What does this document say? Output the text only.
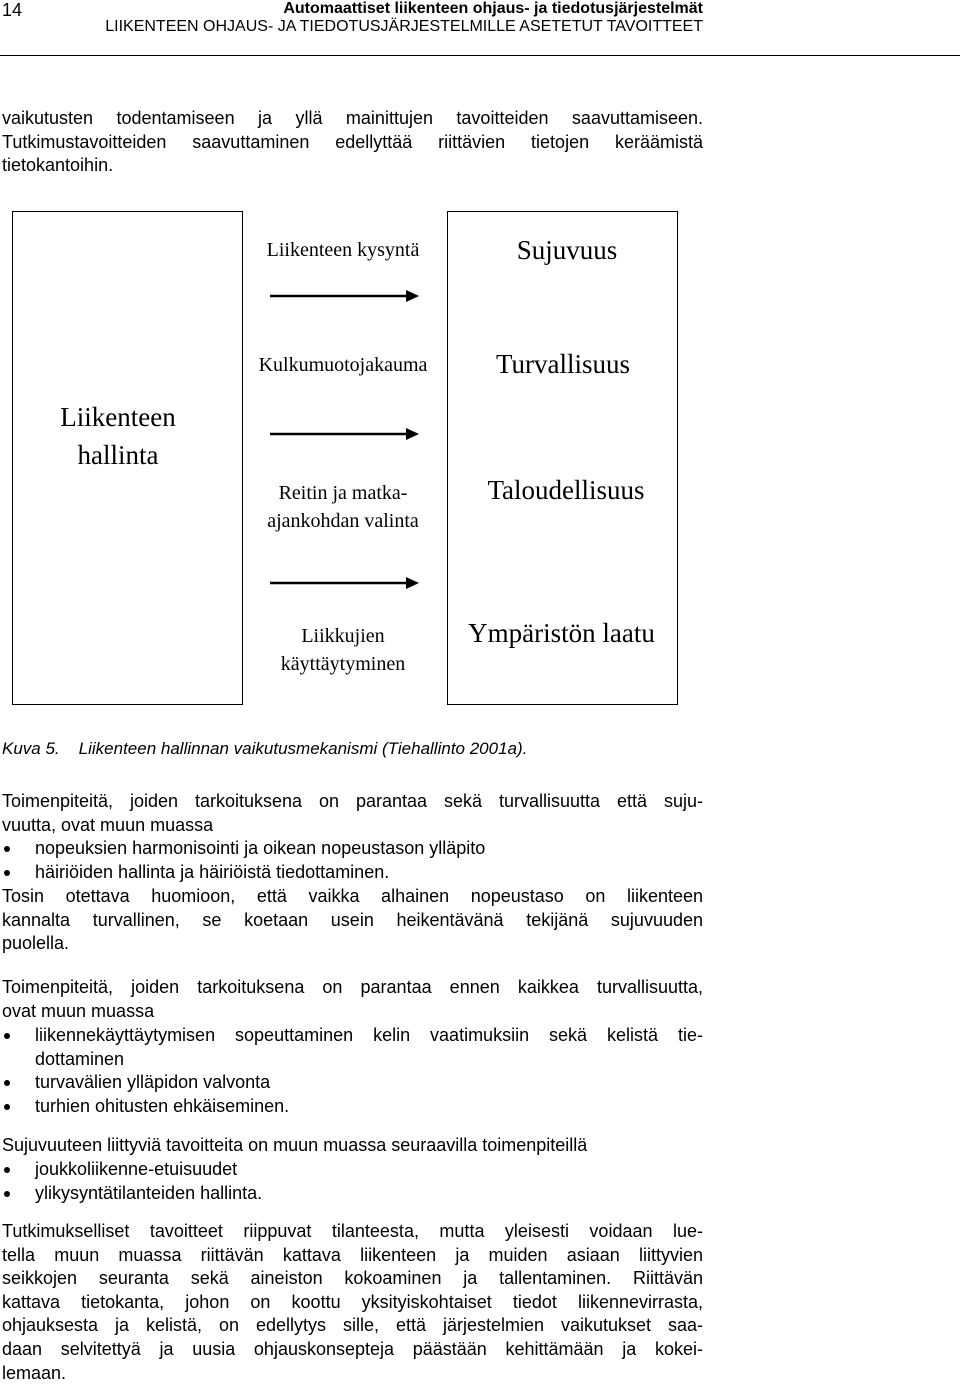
14	Automaattiset liikenteen ohjaus- ja tiedotusjärjestelmät
LIIKENTEEN OHJAUS- JA TIEDOTUSJÄRJESTELMILLE ASETETUT TAVOITTEET
vaikutusten todentamiseen ja yllä mainittujen tavoitteiden saavuttamiseen.
Tutkimustavoitteiden saavuttaminen edellyttää riittävien tietojen keräämistä
tietokantoihin.
Liikenteen
hallinta
Liikenteen kysyntä
Kulkumuotojakauma
Reitin ja matka-
ajankohdan valinta
Liikkujien
käyttäytyminen
Sujuvuus
Turvallisuus
Taloudellisuus
Ympäristön laatu
Kuva 5. Liikenteen hallinnan vaikutusmekanismi (Tiehallinto 2001a).
Toimenpiteitä, joiden tarkoituksena on parantaa sekä turvallisuutta että suju-
vuutta, ovat muun muassa
nopeuksien harmonisointi ja oikean nopeustason ylläpito
häiriöiden hallinta ja häiriöistä tiedottaminen.
Tosin otettava huomioon, että vaikka alhainen nopeustaso on liikenteen
kannalta turvallinen, se koetaan usein heikentävänä tekijänä sujuvuuden
puolella.
Toimenpiteitä, joiden tarkoituksena on parantaa ennen kaikkea turvallisuutta,
ovat muun muassa
liikennekäyttäytymisen sopeuttaminen kelin vaatimuksiin sekä kelistä tie-
dottaminen
turvavälien ylläpidon valvonta
turhien ohitusten ehkäiseminen.
Sujuvuuteen liittyviä tavoitteita on muun muassa seuraavilla toimenpiteillä
joukkoliikenne-etuisuudet
ylikysyntätilanteiden hallinta.
Tutkimukselliset tavoitteet riippuvat tilanteesta, mutta yleisesti voidaan lue-
tella muun muassa riittävän kattava liikenteen ja muiden asiaan liittyvien
seikkojen seuranta sekä aineiston kokoaminen ja tallentaminen. Riittävän
kattava tietokanta, johon on koottu yksityiskohtaiset tiedot liikennevirrasta,
ohjauksesta ja kelistä, on edellytys sille, että järjestelmien vaikutukset saa-
daan selvitettyä ja uusia ohjauskonsepteja päästään kehittämään ja kokei-
lemaan.
